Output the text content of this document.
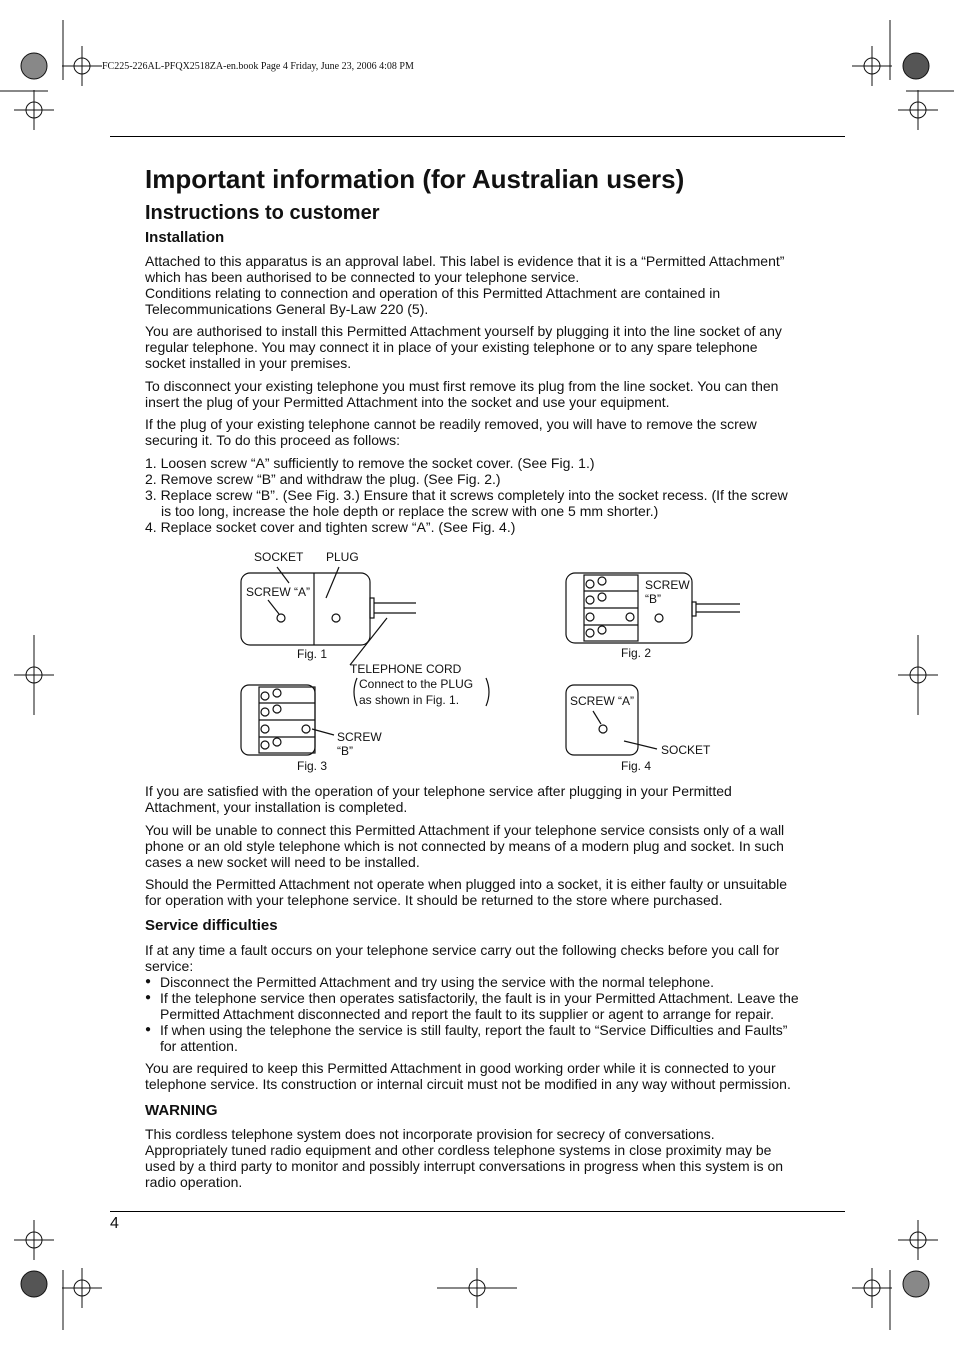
FC225-226AL-PFQX2518ZA-en.book Page 4 Friday, June 23, 2006 4:08 PM
Important information (for Australian users)
Instructions to customer
Installation
Attached to this apparatus is an approval label. This label is evidence that it is a “Permitted Attachment”
which has been authorised to be connected to your telephone service.
Conditions relating to connection and operation of this Permitted Attachment are contained in
Telecommunications General By-Law 220 (5).
You are authorised to install this Permitted Attachment yourself by plugging it into the line socket of any
regular telephone. You may connect it in place of your existing telephone or to any spare telephone
socket installed in your premises.
To disconnect your existing telephone you must first remove its plug from the line socket. You can then
insert the plug of your Permitted Attachment into the socket and use your equipment.
If the plug of your existing telephone cannot be readily removed, you will have to remove the screw
securing it. To do this proceed as follows:
1. Loosen screw “A” sufficiently to remove the socket cover. (See Fig. 1.)
2. Remove screw “B” and withdraw the plug. (See Fig. 2.)
3. Replace screw “B”. (See Fig. 3.) Ensure that it screws completely into the socket recess. (If the screw
is too long, increase the hole depth or replace the screw with one 5 mm shorter.)
4. Replace socket cover and tighten screw “A”. (See Fig. 4.)
SOCKET PLUG
SCREW “A”
Fig. 1
TELEPHONE CORD
Connect to the PLUG
as shown in Fig. 1.
SCREW
“B”
Fig. 2
SCREW
“B”
Fig. 3
SCREW “A”
SOCKET
Fig. 4
If you are satisfied with the operation of your telephone service after plugging in your Permitted
Attachment, your installation is completed.
You will be unable to connect this Permitted Attachment if your telephone service consists only of a wall
phone or an old style telephone which is not connected by means of a modern plug and socket. In such
cases a new socket will need to be installed.
Should the Permitted Attachment not operate when plugged into a socket, it is either faulty or unsuitable
for operation with your telephone service. It should be returned to the store where purchased.
Service difficulties
If at any time a fault occurs on your telephone service carry out the following checks before you call for
service:
● Disconnect the Permitted Attachment and try using the service with the normal telephone.
● If the telephone service then operates satisfactorily, the fault is in your Permitted Attachment. Leave the
Permitted Attachment disconnected and report the fault to its supplier or agent to arrange for repair.
● If when using the telephone the service is still faulty, report the fault to “Service Difficulties and Faults”
for attention.
You are required to keep this Permitted Attachment in good working order while it is connected to your
telephone service. Its construction or internal circuit must not be modified in any way without permission.
WARNING
This cordless telephone system does not incorporate provision for secrecy of conversations.
Appropriately tuned radio equipment and other cordless telephone systems in close proximity may be
used by a third party to monitor and possibly interrupt conversations in progress when this system is on
radio operation.
4
